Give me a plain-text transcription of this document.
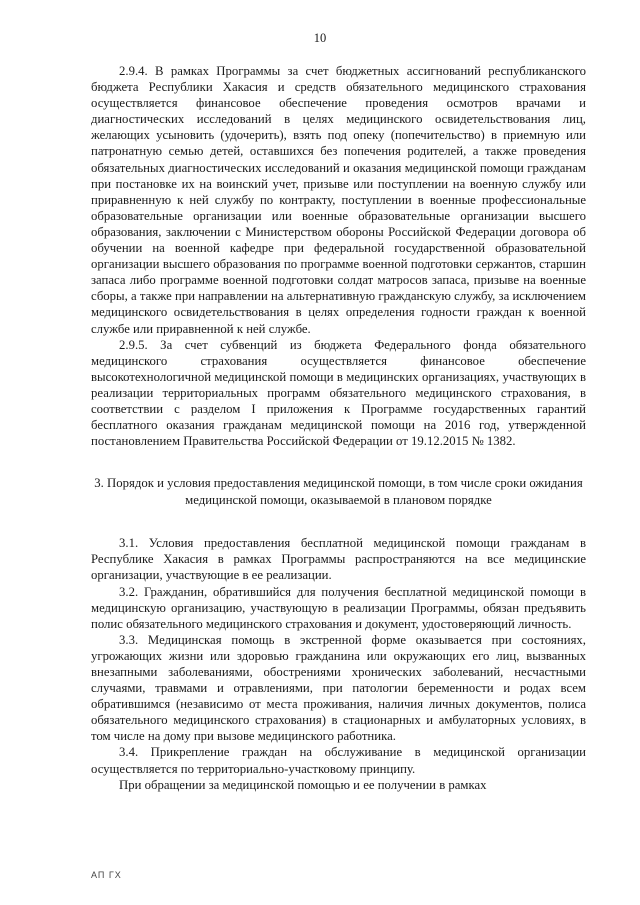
10

2.9.4. В рамках Программы за счет бюджетных ассигнований республиканского бюджета Республики Хакасия и средств обязательного медицинского страхования осуществляется финансовое обеспечение проведения осмотров врачами и диагностических исследований в целях медицинского освидетельствования лиц, желающих усыновить (удочерить), взять под опеку (попечительство) в приемную или патронатную семью детей, оставшихся без попечения родителей, а также проведения обязательных диагностических исследований и оказания медицинской помощи гражданам при постановке их на воинский учет, призыве или поступлении на военную службу или приравненную к ней службу по контракту, поступлении в военные профессиональные образовательные организации или военные образовательные организации высшего образования, заключении с Министерством обороны Российской Федерации договора об обучении на военной кафедре при федеральной государственной образовательной организации высшего образования по программе военной подготовки сержантов, старшин запаса либо программе военной подготовки солдат матросов запаса, призыве на военные сборы, а также при направлении на альтернативную гражданскую службу, за исключением медицинского освидетельствования в целях определения годности граждан к военной службе или приравненной к ней службе.

2.9.5. За счет субвенций из бюджета Федерального фонда обязательного медицинского страхования осуществляется финансовое обеспечение высокотехнологичной медицинской помощи в медицинских организациях, участвующих в реализации территориальных программ обязательного медицинского страхования, в соответствии с разделом I приложения к Программе государственных гарантий бесплатного оказания гражданам медицинской помощи на 2016 год, утвержденной постановлением Правительства Российской Федерации от 19.12.2015 № 1382.

3. Порядок и условия предоставления медицинской помощи, в том числе сроки ожидания медицинской помощи, оказываемой в плановом порядке

3.1. Условия предоставления бесплатной медицинской помощи гражданам в Республике Хакасия в рамках Программы распространяются на все медицинские организации, участвующие в ее реализации.

3.2. Гражданин, обратившийся для получения бесплатной медицинской помощи в медицинскую организацию, участвующую в реализации Программы, обязан предъявить полис обязательного медицинского страхования и документ, удостоверяющий личность.

3.3. Медицинская помощь в экстренной форме оказывается при состояниях, угрожающих жизни или здоровью гражданина или окружающих его лиц, вызванных внезапными заболеваниями, обострениями хронических заболеваний, несчастными случаями, травмами и отравлениями, при патологии беременности и родах всем обратившимся (независимо от места проживания, наличия личных документов, полиса обязательного медицинского страхования) в стационарных и амбулаторных условиях, в том числе на дому при вызове медицинского работника.

3.4. Прикрепление граждан на обслуживание в медицинской организации осуществляется по территориально-участковому принципу.

При обращении за медицинской помощью и ее получении в рамках

АП ГХ
